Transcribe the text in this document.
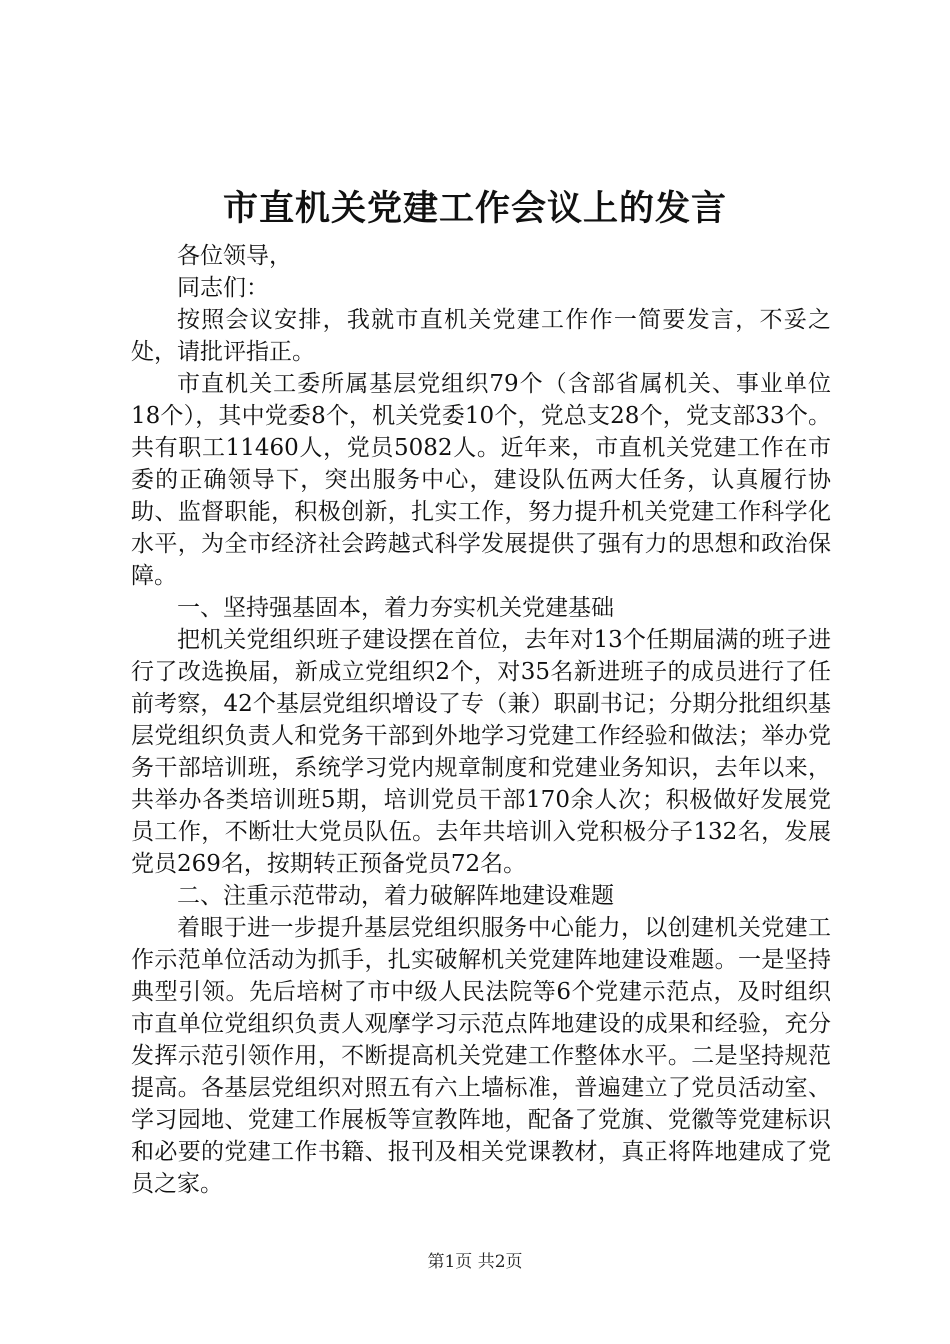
市直机关党建工作会议上的发言

各位领导，

同志们：

按照会议安排，我就市直机关党建工作作一简要发言，不妥之处，请批评指正。

市直机关工委所属基层党组织79个（含部省属机关、事业单位18个），其中党委8个，机关党委10个，党总支28个，党支部33个。共有职工11460人，党员5082人。近年来，市直机关党建工作在市委的正确领导下，突出服务中心，建设队伍两大任务，认真履行协助、监督职能，积极创新，扎实工作，努力提升机关党建工作科学化水平，为全市经济社会跨越式科学发展提供了强有力的思想和政治保障。

一、坚持强基固本，着力夯实机关党建基础

把机关党组织班子建设摆在首位，去年对13个任期届满的班子进行了改选换届，新成立党组织2个，对35名新进班子的成员进行了任前考察，42个基层党组织增设了专（兼）职副书记；分期分批组织基层党组织负责人和党务干部到外地学习党建工作经验和做法；举办党务干部培训班，系统学习党内规章制度和党建业务知识，去年以来，共举办各类培训班5期，培训党员干部170余人次；积极做好发展党员工作，不断壮大党员队伍。去年共培训入党积极分子132名，发展党员269名，按期转正预备党员72名。

二、注重示范带动，着力破解阵地建设难题

着眼于进一步提升基层党组织服务中心能力，以创建机关党建工作示范单位活动为抓手，扎实破解机关党建阵地建设难题。一是坚持典型引领。先后培树了市中级人民法院等6个党建示范点，及时组织市直单位党组织负责人观摩学习示范点阵地建设的成果和经验，充分发挥示范引领作用，不断提高机关党建工作整体水平。二是坚持规范提高。各基层党组织对照五有六上墙标准，普遍建立了党员活动室、学习园地、党建工作展板等宣教阵地，配备了党旗、党徽等党建标识和必要的党建工作书籍、报刊及相关党课教材，真正将阵地建成了党员之家。

第1页 共2页
